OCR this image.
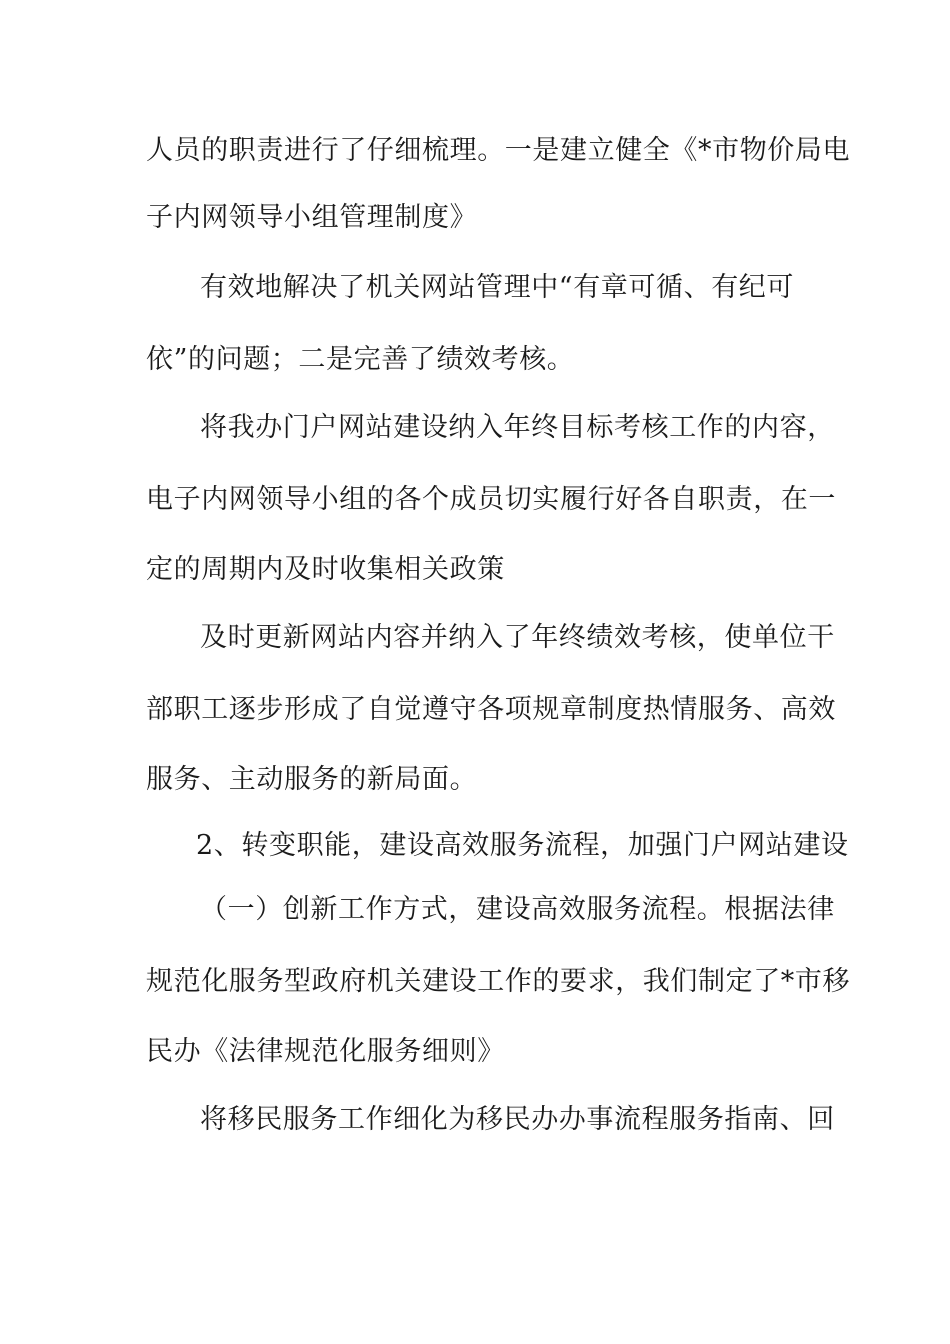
人员的职责进行了仔细梳理。一是建立健全《*市物价局电
子内网领导小组管理制度》
有效地解决了机关网站管理中“有章可循、有纪可
依”的问题；二是完善了绩效考核。
将我办门户网站建设纳入年终目标考核工作的内容，
电子内网领导小组的各个成员切实履行好各自职责，在一
定的周期内及时收集相关政策
及时更新网站内容并纳入了年终绩效考核，使单位干
部职工逐步形成了自觉遵守各项规章制度热情服务、高效
服务、主动服务的新局面。
2、转变职能，建设高效服务流程，加强门户网站建设
（一）创新工作方式，建设高效服务流程。根据法律
规范化服务型政府机关建设工作的要求，我们制定了*市移
民办《法律规范化服务细则》
将移民服务工作细化为移民办办事流程服务指南、回
